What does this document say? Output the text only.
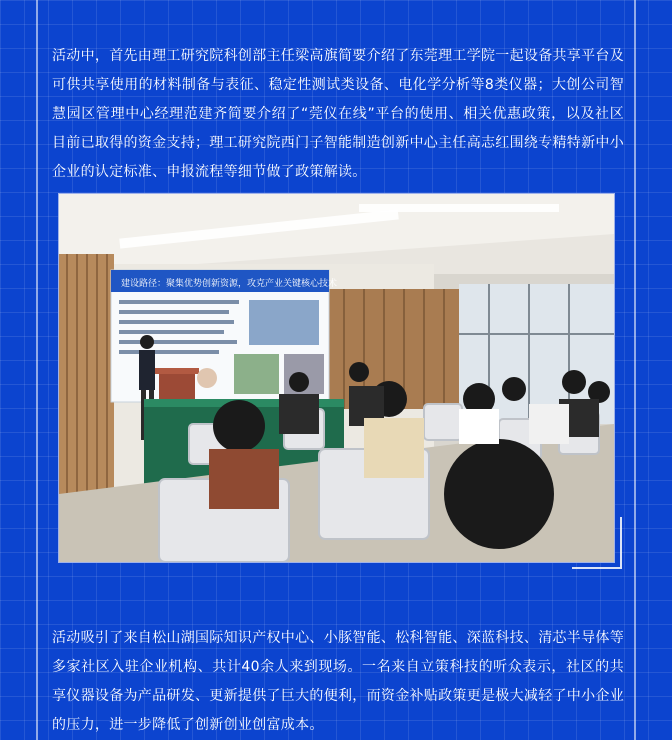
活动中，首先由理工研究院科创部主任梁高旗简要介绍了东莞理工学院一起设备共享平台及可供共享使用的材料制备与表征、稳定性测试类设备、电化学分析等8类仪器；大创公司智慧园区管理中心经理范建齐简要介绍了“莞仪在线”平台的使用、相关优惠政策，以及社区目前已取得的资金支持；理工研究院西门子智能制造创新中心主任高志红围绕专精特新中小企业的认定标准、申报流程等细节做了政策解读。

建设路径：聚集优势创新资源，攻克产业关键核心技术

活动吸引了来自松山湖国际知识产权中心、小豚智能、松科智能、深蓝科技、清芯半导体等多家社区入驻企业机构、共计40余人来到现场。一名来自立策科技的听众表示，社区的共享仪器设备为产品研发、更新提供了巨大的便利，而资金补贴政策更是极大减轻了中小企业的压力，进一步降低了创新创业创富成本。
